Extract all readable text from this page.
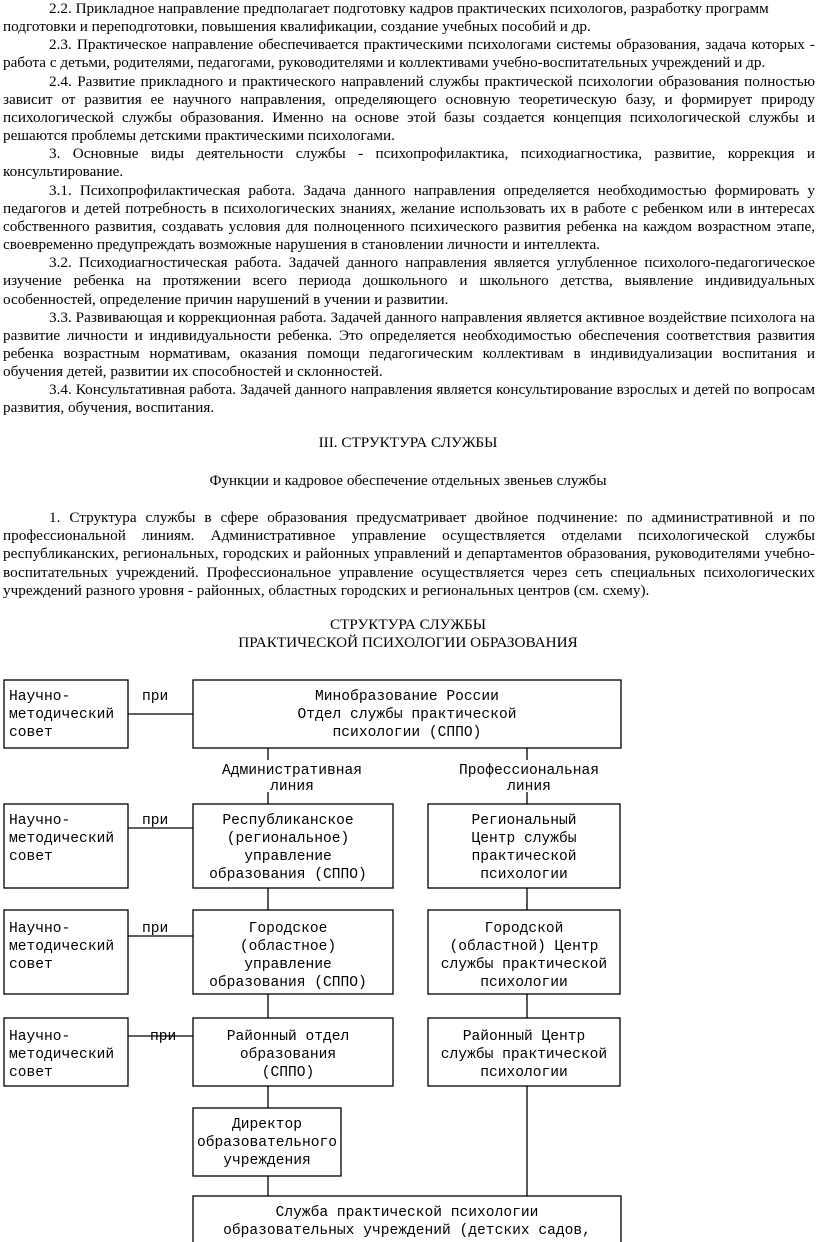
2.2. Прикладное направление предполагает подготовку кадров практических психологов, разработку программ подготовки и переподготовки, повышения квалификации, создание учебных пособий и др.

2.3. Практическое направление обеспечивается практическими психологами системы образования, задача которых - работа с детьми, родителями, педагогами, руководителями и коллективами учебно-воспитательных учреждений и др.

2.4. Развитие прикладного и практического направлений службы практической психологии образования полностью зависит от развития ее научного направления, определяющего основную теоретическую базу, и формирует природу психологической службы образования. Именно на основе этой базы создается концепция психологической службы и решаются проблемы детскими практическими психологами.

3. Основные виды деятельности службы - психопрофилактика, психодиагностика, развитие, коррекция и консультирование.

3.1. Психопрофилактическая работа. Задача данного направления определяется необходимостью формировать у педагогов и детей потребность в психологических знаниях, желание использовать их в работе с ребенком или в интересах собственного развития, создавать условия для полноценного психического развития ребенка на каждом возрастном этапе, своевременно предупреждать возможные нарушения в становлении личности и интеллекта.

3.2. Психодиагностическая работа. Задачей данного направления является углубленное психолого-педагогическое изучение ребенка на протяжении всего периода дошкольного и школьного детства, выявление индивидуальных особенностей, определение причин нарушений в учении и развитии.

3.3. Развивающая и коррекционная работа. Задачей данного направления является активное воздействие психолога на развитие личности и индивидуальности ребенка. Это определяется необходимостью обеспечения соответствия развития ребенка возрастным нормативам, оказания помощи педагогическим коллективам в индивидуализации воспитания и обучения детей, развитии их способностей и склонностей.

3.4. Консультативная работа. Задачей данного направления является консультирование взрослых и детей по вопросам развития, обучения, воспитания.

III. СТРУКТУРА СЛУЖБЫ
Функции и кадровое обеспечение отдельных звеньев службы
1. Структура службы в сфере образования предусматривает двойное подчинение: по административной и по профессиональной линиям. Административное управление осуществляется отделами психологической службы республиканских, региональных, городских и районных управлений и департаментов образования, руководителями учебно-воспитательных учреждений. Профессиональное управление осуществляется через сеть специальных психологических учреждений разного уровня - районных, областных городских и региональных центров (см. схему).
СТРУКТУРА СЛУЖБЫ
ПРАКТИЧЕСКОЙ ПСИХОЛОГИИ ОБРАЗОВАНИЯ
Научно-
методический
совет
Научно-
методический
совет
Научно-
методический
совет
Научно-
методический
совет
при
при
при
при
Минобразование России
Отдел службы практической
психологии (СППО)
Административная
линия
Профессиональная
линия
Республиканское
(региональное)
управление
образования (СППО)
Городское
(областное)
управление
образования (СППО)
Районный отдел
образования
(СППО)
Региональный
Центр службы
практической
психологии
Городской
(областной) Центр
службы практической
психологии
Районный Центр
службы практической
психологии
Директор
образовательного
учреждения
Служба практической психологии
образовательных учреждений (детских садов,
